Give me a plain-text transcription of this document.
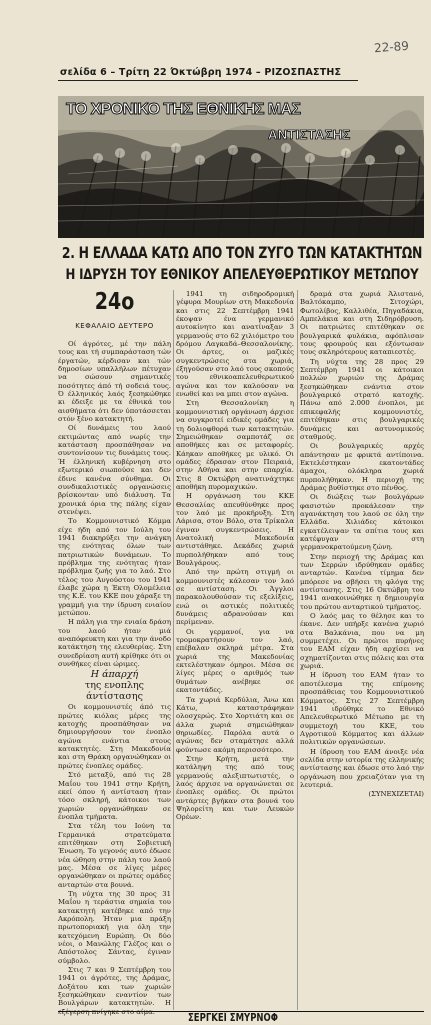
22-89
σελίδα 6 – Τρίτη 22 Όκτώβρη 1974 – ΡΙΖΟΣΠΑΣΤΗΣ
ΤΟ ΧΡΟΝΙΚΟ ΤΗΣ ΕΘΝΙΚΗΣ ΜΑΣ
ΑΝΤΙΣΤΑΣΗΣ
2. Η ΕΛΛΑΔΑ ΚΑΤΩ ΑΠΟ ΤΟΝ ΖΥΓΟ ΤΩΝ ΚΑΤΑΚΤΗΤΩΝ
Η ΙΔΡΥΣΗ ΤΟΥ ΕΘΝΙΚΟΥ ΑΠΕΛΕΥΘΕΡΩΤΙΚΟΥ ΜΕΤΩΠΟΥ
24ο
ΚΕΦΑΛΑΙΟ ΔΕΥΤΕΡΟ

Οί άγρότες, μέ την πάλη τους και τή συμπαράσταση τών έργατών, κέρδισαν και τών δημοσίων υπαλλήλων πέτυχαν να σώσουν σημαντικές ποσότητες άπό τή σοδειά τους. Ό έλληνικός λαός ξεσηκώθηκε κι έδειξε με τα έθνικά του αισθήματα ότι δεν ύποτάσσεται στόν ξένο κατακτητή.

Οί δυνάμεις του λαού εκτιμώντας από νωρίς την κατάσταση προσπάθησαν να συντονίσουν τις δυνάμεις τους. Ή έλληνική κυβέρνηση στο εξωτερικό σιωπούσε και δεν έδινε κανένα σύνθημα. Οι συνδικαλιστικές οργανώσεις βρίσκονταν υπό διάλυση. Τα χρονικά όρια της πάλης είχαν στενέψει.

Το Κομμουνιστικό Κόμμα είχε ήδη από τον Ιούλη του 1941 διακηρύξει την ανάγκη της ενότητας όλων των πατριωτικών δυνάμεων. Το πρόβλημα της ενότητας ήταν πρόβλημα ζωής για το λαό. Στο τέλος του Αυγούστου του 1941 έλαβε χώρα η Έκτη Ολομέλεια της Κ.Ε. του ΚΚΕ που χάραξε τη γραμμή για την ίδρυση ενιαίου μετώπου.

Η πάλη για την ενιαία δράση του λαού ήταν μιά αναπόφευκτη και για την άνοδο κατάκτηση της ελευθερίας. Στη συνεδρίαση αυτή κρίθηκε ότι οι συνθήκες είναι ώριμες.

Η άπαρχή
της ενοπλης άντίστασης

Οι κομμουνιστές άπό τις πρώτες κιόλας μέρες της κατοχής προσπάθησαν να δημιουργήσουν τον ένοπλο αγώνα ενάντια στους κατακτητές. Στη Μακεδονία και στη Θράκη οργανώθηκαν οι πρώτες ένοπλες ομάδες.

Στό μεταξύ, από τις 28 Μαΐου του 1941 στην Κρήτη, εκεί όπου ή αντίσταση ήταν τόσο σκληρή, κάτοικοι των χωριών οργανώθηκαν σε ένοπλα τμήματα.

Στα τέλη του Ιούνη τα Γερμανικά στρατεύματα επιτέθηκαν στη Σοβιετική Ένωση. Το γεγονός αυτό έδωσε νέα ώθηση στην πάλη του λαού μας. Μέσα σε λίγες μέρες οργανώθηκαν οι πρώτες ομάδες ανταρτών στα βουνά.

Τη νύχτα της 30 προς 31 Μαΐου η τεράστια σημαία του κατακτητή κατέβηκε από την Ακρόπολη. Ήταν μια πράξη πρωτοποριακή για όλη την κατεχόμενη Ευρώπη. Οι δύο νέοι, ο Μανώλης Γλέζος και ο Απόστολος Σάντας, έγιναν σύμβολο.

Στις 7 και 9 Σεπτέμβρη του 1941 οι άγρότες, της Δράμας, Δοξάτου και των χωριών ξεσηκώθηκαν εναντίον των Βουλγάρων κατακτητών. Η εξέγερση πνίγηκε στο αίμα.

1941 τη σιδηροδρομική γέφυρα Μουρίων στη Μακεδονία και στις 22 Σεπτέμβρη 1941 έκοψαν ένα γερμανικό αυτοκίνητο και ανατίναξαν 3 γερμανούς στο 62 χιλιόμετρο του δρόμου Λαγκαδά–Θεσσαλονίκης. Οι άρτες, οι μαζικές συγκεντρώσεις στα χωριά, έξηγούσαν στο λαό τους σκοπούς του εθνικοαπελευθερωτικού αγώνα και τον καλούσαν να ενωθεί και να μπει στον αγώνα.

Στη Θεσσαλονίκη η κομμουνιστική οργάνωση άρχισε να συγκροτεί ειδικές ομάδες για τη δολιοφθορά των κατακτητών. Σημειώθηκαν σαμποτάζ σε αποθήκες και σε μεταφορές. Κάηκαν αποθήκες με υλικό. Οι ομάδες έδρασαν στον Πειραιά, στην Αθήνα και στην επαρχία. Στις 8 Οκτώβρη ανατινάχτηκε αποθήκη πυρομαχικών.

Η οργάνωση του ΚΚΕ Θεσσαλίας απευθύνθηκε προς τον λαό με προκήρυξη. Στη Λάρισα, στον Βόλο, στα Τρίκαλα έγιναν συγκεντρώσεις. Η Ανατολική Μακεδονία αντιστάθηκε. Δεκάδες χωριά πυρπολήθηκαν από τους Βουλγάρους.

Από την πρώτη στιγμή οι κομμουνιστές κάλεσαν τον λαό σε αντίσταση. Οι Άγγλοι παρακολουθούσαν τις εξελίξεις, ενώ οι αστικές πολιτικές δυνάμεις αδρανούσαν και περίμεναν.

Οι γερμανοί, για να τρομοκρατήσουν τον λαό, επέβαλαν σκληρά μέτρα. Στα χωριά της Μακεδονίας εκτελέστηκαν όμηροι. Μέσα σε λίγες μέρες ο αριθμός των θυμάτων ανέβηκε σε εκατοντάδες.

Τα χωριά Κερδύλια, Άνω και Κάτω, καταστράφηκαν ολοσχερώς. Στο Χορτιάτη και σε άλλα χωριά σημειώθηκαν θηριωδίες. Παρόλα αυτά ο αγώνας δεν σταμάτησε αλλά φούντωσε ακόμη περισσότερο.

Στην Κρήτη, μετά την κατάληψη της από τους γερμανούς αλεξιπτωτιστές, ο λαός άρχισε να οργανώνεται σε ένοπλες ομάδες. Οι πρώτοι αντάρτες βγήκαν στα βουνά του Ψηλορείτη και των Λευκών Ορέων.

δραμά στα χωριά Άλιστανό, Βαλτόκαμπο, Σιτοχώρι, Φωτολίβος, Καλλιθέα, Πηγαδάκια, Αμπελάκια και στη Σιδηρόβρυση. Οι πατριώτες επιτέθηκαν σε βουλγαρικά φυλάκια, αφόπλισαν τους φρουρούς και εξόντωσαν τους σκληρότερους καταπιεστές.

Τη νύχτα της 28 προς 29 Σεπτέμβρη 1941 οι κάτοικοι πολλών χωριών της Δράμας ξεσηκώθηκαν ενάντια στον βουλγαρικό στρατό κατοχής. Πάνω από 2.000 ένοπλοι, με επικεφαλής κομμουνιστές, επιτέθηκαν στις βουλγαρικές δυνάμεις και αστυνομικούς σταθμούς.

Οι βουλγαρικές αρχές απάντησαν με φρικτά αντίποινα. Εκτελέστηκαν εκατοντάδες άμαχοι, ολόκληρα χωριά πυρπολήθηκαν. Η περιοχή της Δράμας βυθίστηκε στο πένθος.

Οι διώξεις των βουλγάρων φασιστών προκάλεσαν την αγανάκτηση του λαού σε όλη την Ελλάδα. Χιλιάδες κάτοικοι εγκατέλειψαν τα σπίτια τους και κατέφυγαν στη γερμανοκρατούμενη ζώνη.

Στην περιοχή της Δράμας και των Σερρών ιδρύθηκαν ομάδες ανταρτών. Κανένα τίμημα δεν μπόρεσε να σβήσει τη φλόγα της αντίστασης. Στις 16 Οκτώβρη του 1941 ανακοινώθηκε η δημιουργία του πρώτου ανταρτικού τμήματος.

Ο λαός μας το θέλησε και το έκανε. Δεν υπήρξε κανένα χωριό στα Βαλκάνια, που να μη συμμετέχει. Οι πρώτοι πυρήνες του ΕΑΜ είχαν ήδη αρχίσει να σχηματίζονται στις πόλεις και στα χωριά.

Η ίδρυση του ΕΑΜ ήταν το αποτέλεσμα της επίμονης προσπάθειας του Κομμουνιστικού Κόμματος. Στις 27 Σεπτέμβρη 1941 ιδρύθηκε το Εθνικό Απελευθερωτικό Μέτωπο με τη συμμετοχή του ΚΚΕ, του Αγροτικού Κόμματος και άλλων πολιτικών οργανώσεων.

Η ίδρυση του ΕΑΜ άνοιξε νέα σελίδα στην ιστορία της ελληνικής αντίστασης και έδωσε στο λαό την οργάνωση που χρειαζόταν για τη λευτεριά.

(ΣΥΝΕΧΙΖΕΤΑΙ)

ΣΕΡΓΚΕΪ ΣΜΥΡΝΟΦ
